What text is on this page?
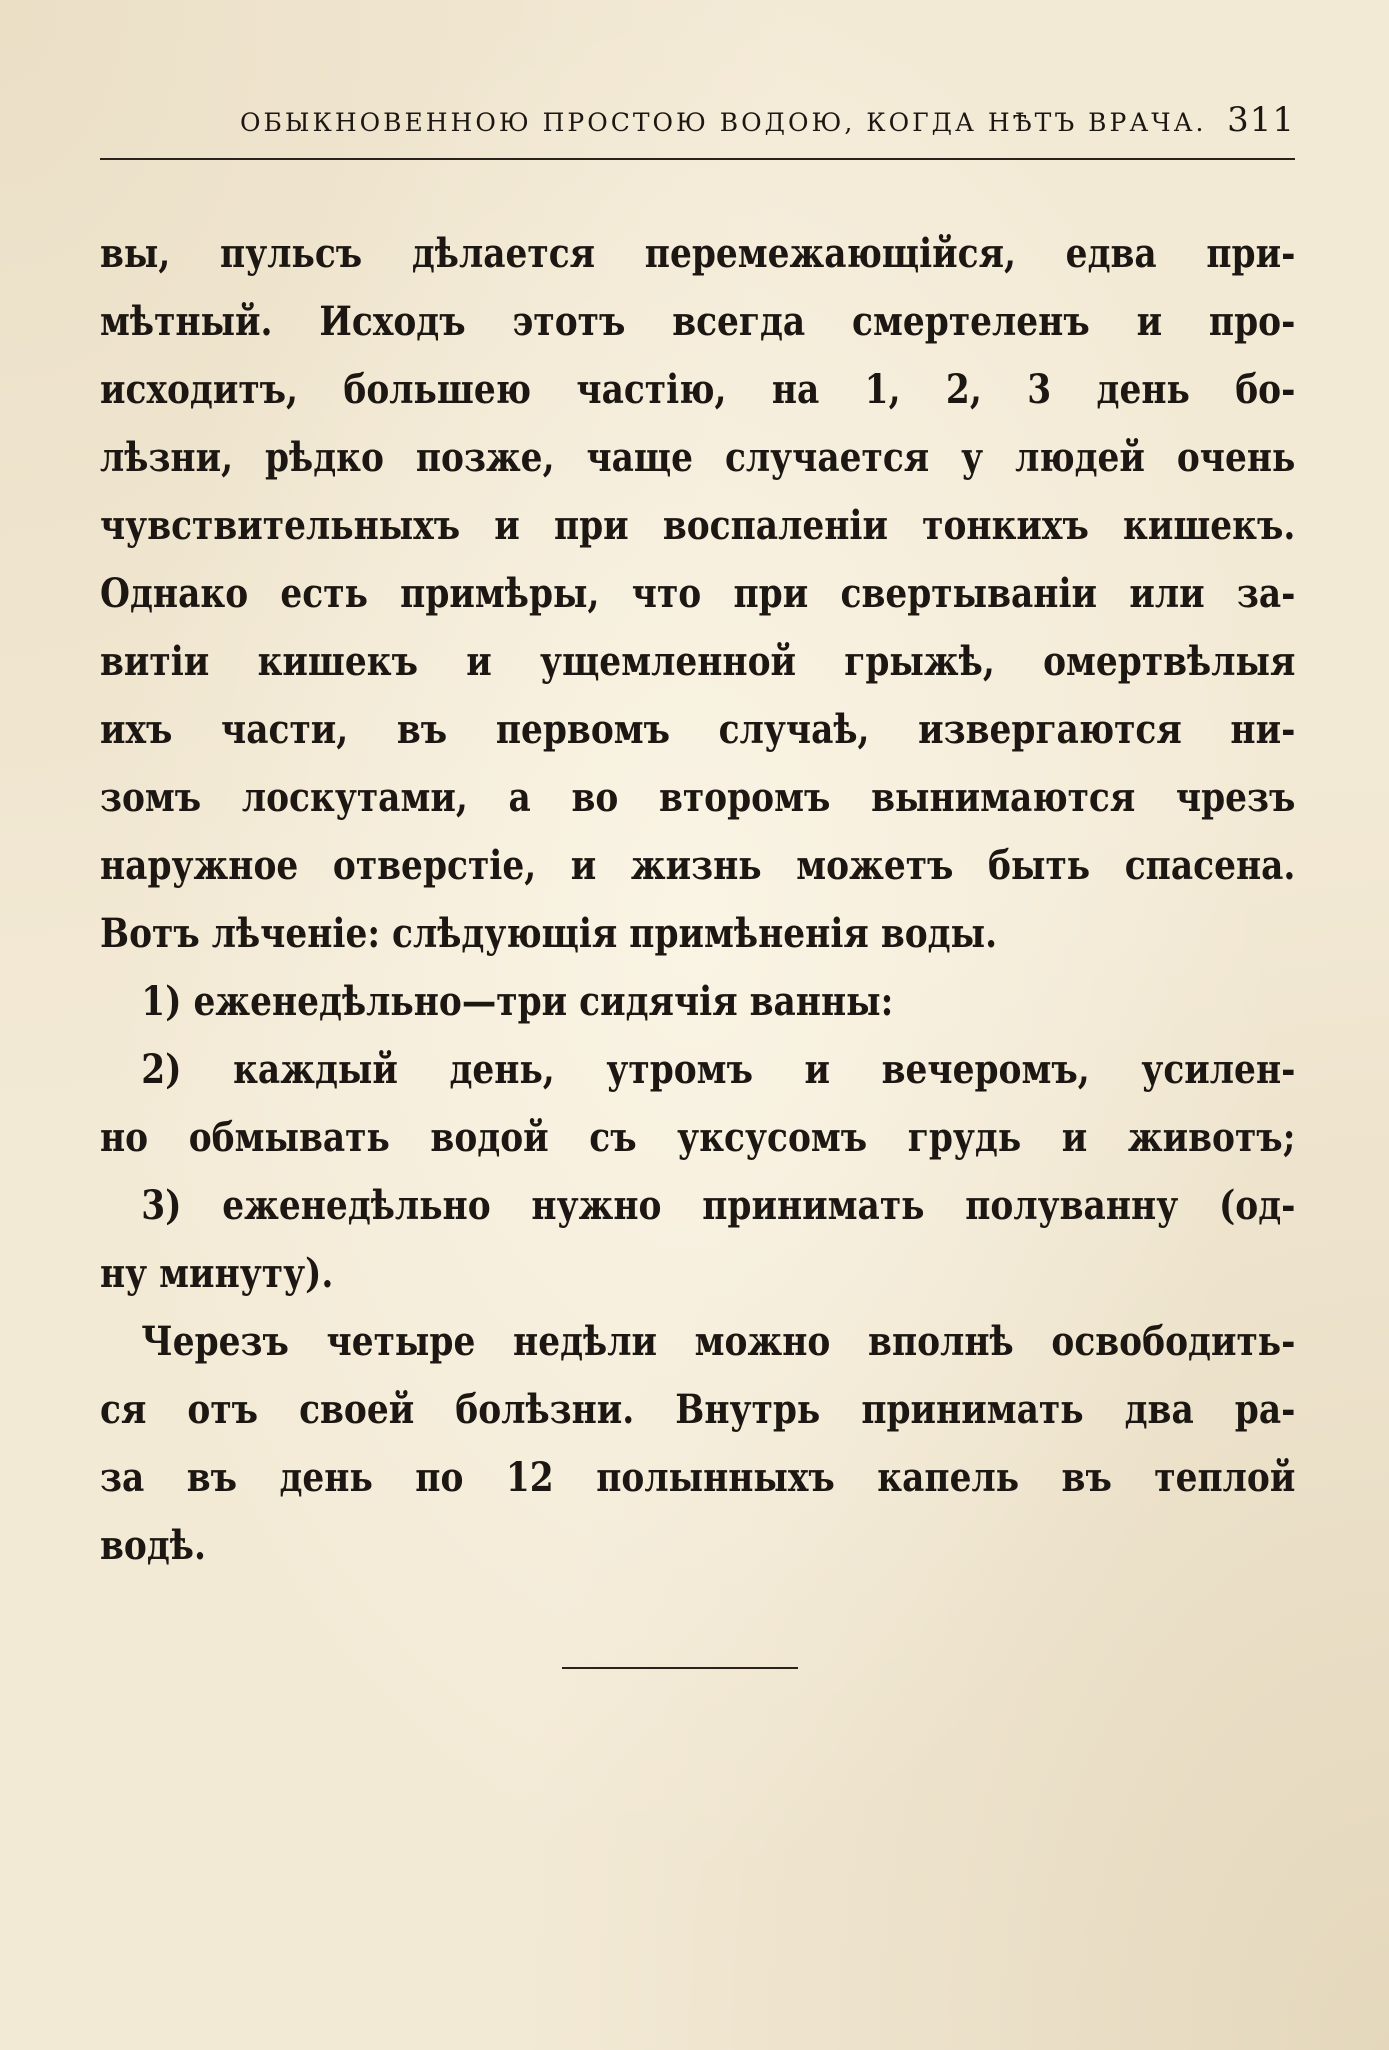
ОБЫКНОВЕННОЮ ПРОСТОЮ ВОДОЮ, КОГДА НѢТЪ ВРАЧА. 311
вы, пульсъ дѣлается перемежающійся, едва при-
мѣтный. Исходъ этотъ всегда смертеленъ и про-
исходитъ, большею частію, на 1, 2, 3 день бо-
лѣзни, рѣдко позже, чаще случается у людей очень
чувствительныхъ и при воспаленіи тонкихъ кишекъ.
Однако есть примѣры, что при свертываніи или за-
витіи кишекъ и ущемленной грыжѣ, омертвѣлыя
ихъ части, въ первомъ случаѣ, извергаются ни-
зомъ лоскутами, а во второмъ вынимаются чрезъ
наружное отверстіе, и жизнь можетъ быть спасена.
Вотъ лѣченіе: слѣдующія примѣненія воды.
1) еженедѣльно—три сидячія ванны:
2) каждый день, утромъ и вечеромъ, усилен-
но обмывать водой съ уксусомъ грудь и животъ;
3) еженедѣльно нужно принимать полуванну (од-
ну минуту).
Черезъ четыре недѣли можно вполнѣ освободить-
ся отъ своей болѣзни. Внутрь принимать два ра-
за въ день по 12 полынныхъ капель въ теплой
водѣ.
